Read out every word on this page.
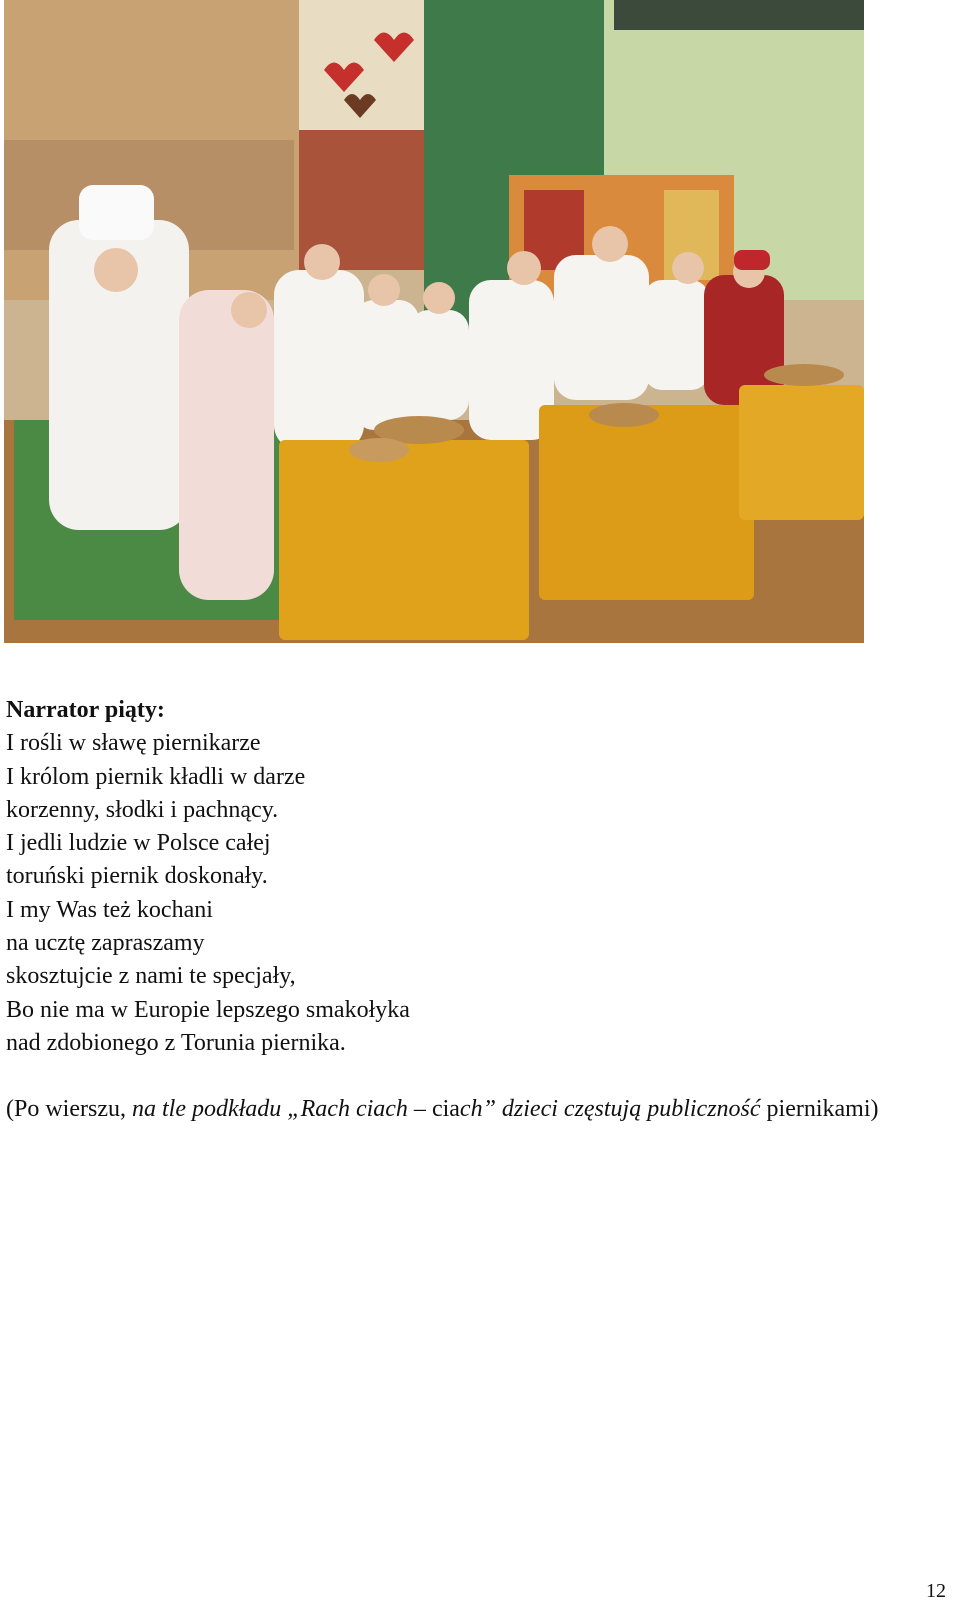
Narrator piąty:
I rośli w sławę piernikarze
I królom piernik kładli w darze
korzenny, słodki i pachnący.
I jedli ludzie w Polsce całej
toruński piernik doskonały.
I my Was też kochani
na ucztę zapraszamy
skosztujcie z nami te specjały,
Bo nie ma w Europie lepszego smakołyka
nad zdobionego z Torunia piernika.
(Po wierszu, na tle podkładu „Rach ciach – ciach” dzieci częstują publiczność piernikami)
12
